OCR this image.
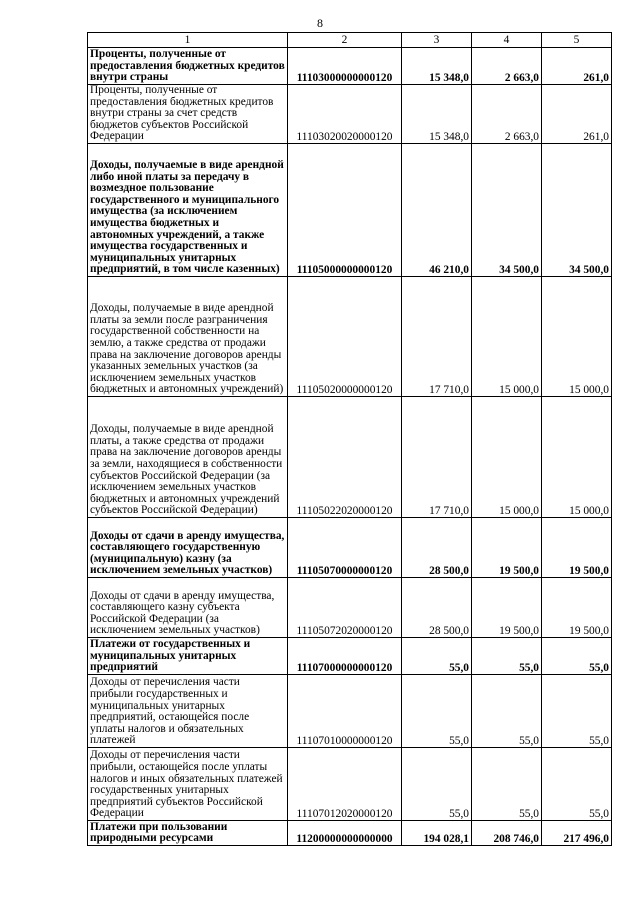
8
1	2	3	4	5
Проценты, полученные от предоставления бюджетных кредитов внутри страны	11103000000000120	15 348,0	2 663,0	261,0
Проценты, полученные от предоставления бюджетных кредитов внутри страны за счет средств бюджетов субъектов Российской Федерации	11103020020000120	15 348,0	2 663,0	261,0
Доходы, получаемые в виде арендной либо иной платы за передачу в возмездное пользование государственного и муниципального имущества (за исключением имущества бюджетных и автономных учреждений, а также имущества государственных и муниципальных унитарных предприятий, в том числе казенных)	11105000000000120	46 210,0	34 500,0	34 500,0
Доходы, получаемые в виде арендной платы за земли после разграничения государственной собственности на землю, а также средства от продажи права на заключение договоров аренды указанных земельных участков (за исключением земельных участков бюджетных и автономных учреждений)	11105020000000120	17 710,0	15 000,0	15 000,0
Доходы, получаемые в виде арендной платы, а также средства от продажи права на заключение договоров аренды за земли, находящиеся в собственности субъектов Российской Федерации (за исключением земельных участков бюджетных и автономных учреждений субъектов Российской Федерации)	11105022020000120	17 710,0	15 000,0	15 000,0
Доходы от сдачи в аренду имущества, составляющего государственную (муниципальную) казну (за исключением земельных участков)	11105070000000120	28 500,0	19 500,0	19 500,0
Доходы от сдачи в аренду имущества, составляющего казну субъекта Российской Федерации (за исключением земельных участков)	11105072020000120	28 500,0	19 500,0	19 500,0
Платежи от государственных и муниципальных унитарных предприятий	11107000000000120	55,0	55,0	55,0
Доходы от перечисления части прибыли государственных и муниципальных унитарных предприятий, остающейся после уплаты налогов и обязательных платежей	11107010000000120	55,0	55,0	55,0
Доходы от перечисления части прибыли, остающейся после уплаты налогов и иных обязательных платежей государственных унитарных предприятий субъектов Российской Федерации	11107012020000120	55,0	55,0	55,0
Платежи при пользовании природными ресурсами	11200000000000000	194 028,1	208 746,0	217 496,0
